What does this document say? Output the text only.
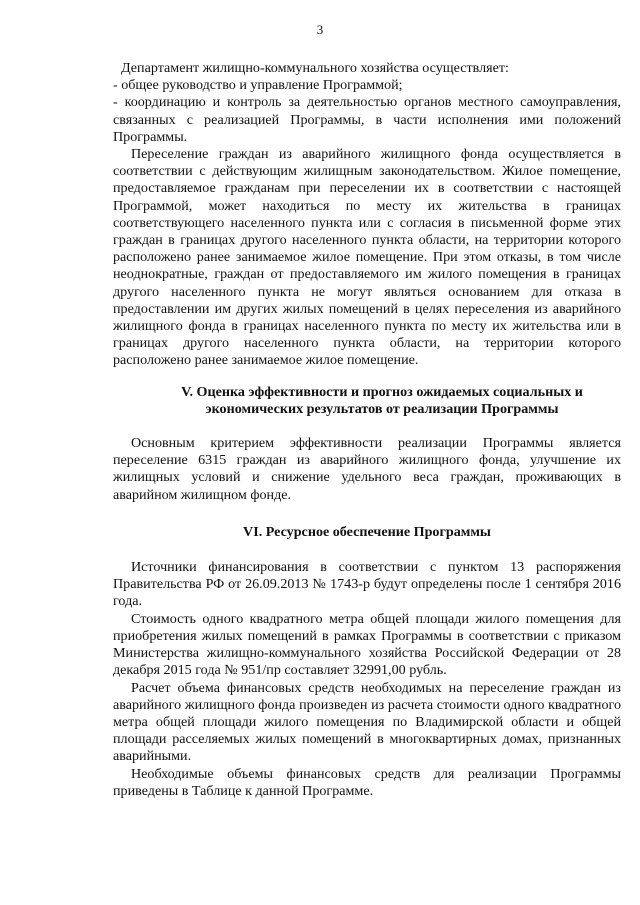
3

Департамент жилищно-коммунального хозяйства осуществляет:

- общее руководство и управление Программой;

- координацию и контроль за деятельностью органов местного самоуправления, связанных с реализацией Программы, в части исполнения ими положений Программы.

Переселение граждан из аварийного жилищного фонда осуществляется в соответствии с действующим жилищным законодательством. Жилое помещение, предоставляемое гражданам при переселении их в соответствии с настоящей Программой, может находиться по месту их жительства в границах соответствующего населенного пункта или с согласия в письменной форме этих граждан в границах другого населенного пункта области, на территории которого расположено ранее занимаемое жилое помещение. При этом отказы, в том числе неоднократные, граждан от предоставляемого им жилого помещения в границах другого населенного пункта не могут являться основанием для отказа в предоставлении им других жилых помещений в целях переселения из аварийного жилищного фонда в границах населенного пункта по месту их жительства или в границах другого населенного пункта области, на территории которого расположено ранее занимаемое жилое помещение.

V. Оценка эффективности и прогноз ожидаемых социальных и
экономических результатов от реализации Программы

Основным критерием эффективности реализации Программы является переселение 6315 граждан из аварийного жилищного фонда, улучшение их жилищных условий и снижение удельного веса граждан, проживающих в аварийном жилищном фонде.

VI. Ресурсное обеспечение Программы

Источники финансирования в соответствии с пунктом 13 распоряжения Правительства РФ от 26.09.2013 № 1743-р будут определены после 1 сентября 2016 года.

Стоимость одного квадратного метра общей площади жилого помещения для приобретения жилых помещений в рамках Программы в соответствии с приказом Министерства жилищно-коммунального хозяйства Российской Федерации от 28 декабря 2015 года № 951/пр составляет 32991,00 рубль.

Расчет объема финансовых средств необходимых на переселение граждан из аварийного жилищного фонда произведен из расчета стоимости одного квадратного метра общей площади жилого помещения по Владимирской области и общей площади расселяемых жилых помещений в многоквартирных домах, признанных аварийными.

Необходимые объемы финансовых средств для реализации Программы приведены в Таблице к данной Программе.
